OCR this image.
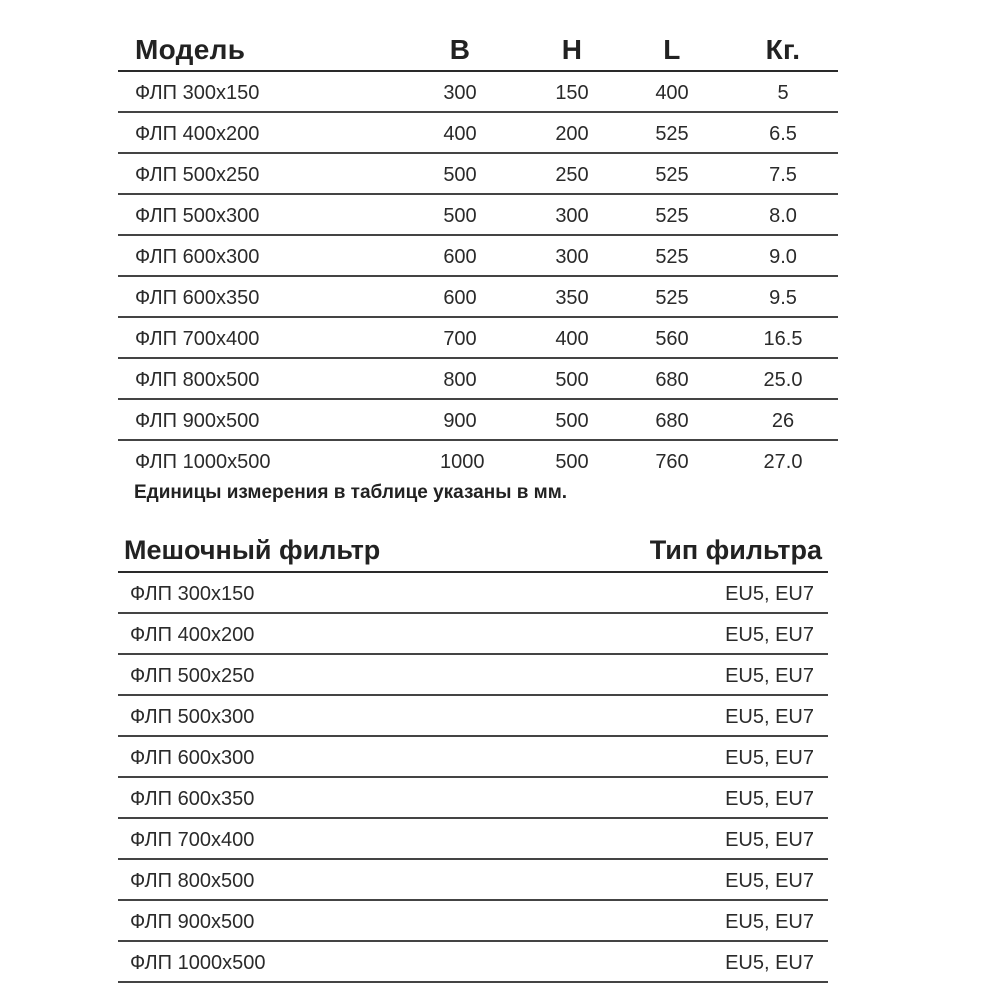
Модель	B	H	L	Кг.
ФЛП 300x150	300	150	400	5
ФЛП 400x200	400	200	525	6.5
ФЛП 500x250	500	250	525	7.5
ФЛП 500x300	500	300	525	8.0
ФЛП 600x300	600	300	525	9.0
ФЛП 600x350	600	350	525	9.5
ФЛП 700x400	700	400	560	16.5
ФЛП 800x500	800	500	680	25.0
ФЛП 900x500	900	500	680	26
ФЛП 1000x500	1000	500	760	27.0
Единицы измерения в таблице указаны в мм.
Мешочный фильтр	Тип фильтра
ФЛП 300x150	EU5, EU7
ФЛП 400x200	EU5, EU7
ФЛП 500x250	EU5, EU7
ФЛП 500x300	EU5, EU7
ФЛП 600x300	EU5, EU7
ФЛП 600x350	EU5, EU7
ФЛП 700x400	EU5, EU7
ФЛП 800x500	EU5, EU7
ФЛП 900x500	EU5, EU7
ФЛП 1000x500	EU5, EU7
